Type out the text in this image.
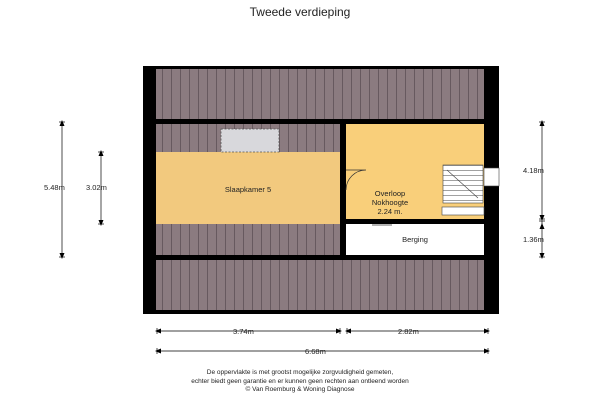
Tweede verdieping
Slaapkamer 5	Overloop
Nokhoogte
2.24 m.
Berging
5.48m	3.02m
4.18m
1.36m
3.74m	2.82m
6.68m
De oppervlakte is met grootst mogelijke zorgvuldigheid gemeten,
echter biedt geen garantie en er kunnen geen rechten aan ontleend worden
© Van Roemburg & Woning Diagnose
